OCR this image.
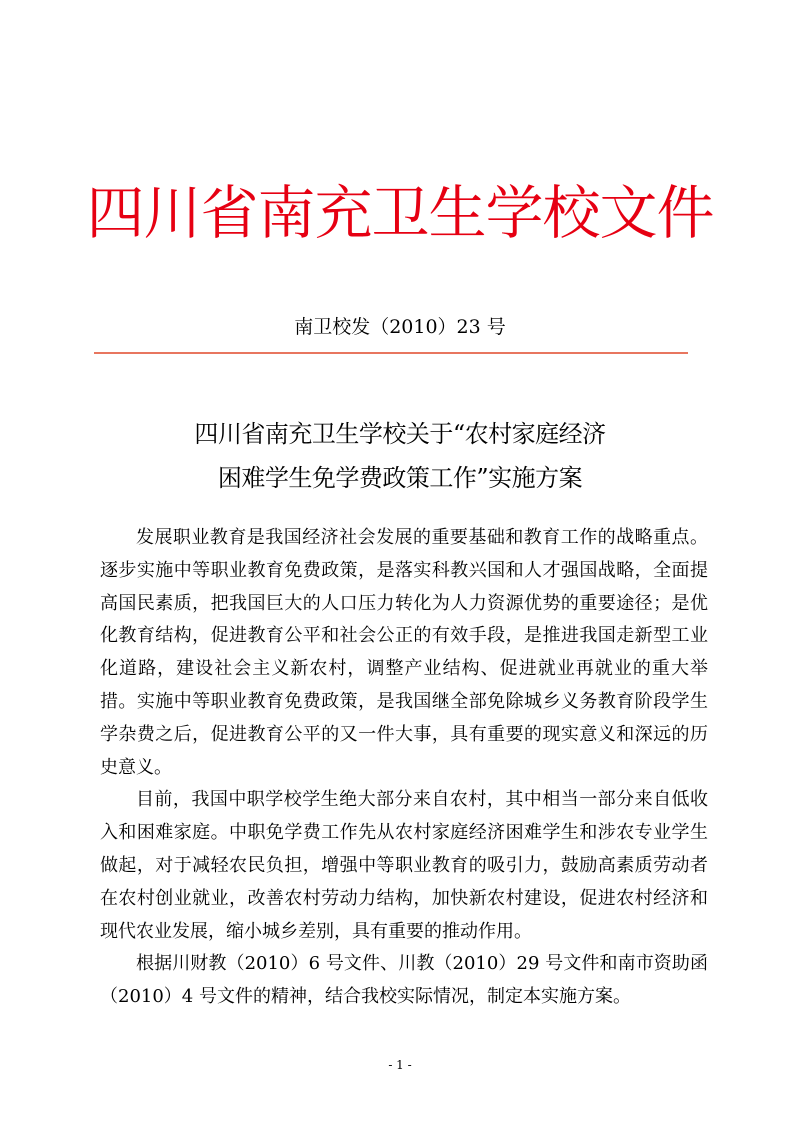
四川省南充卫生学校文件
南卫校发（2010）23 号
四川省南充卫生学校关于“农村家庭经济
困难学生免学费政策工作”实施方案

发展职业教育是我国经济社会发展的重要基础和教育工作的战略重点。逐步实施中等职业教育免费政策，是落实科教兴国和人才强国战略，全面提高国民素质，把我国巨大的人口压力转化为人力资源优势的重要途径；是优化教育结构，促进教育公平和社会公正的有效手段，是推进我国走新型工业化道路，建设社会主义新农村，调整产业结构、促进就业再就业的重大举措。实施中等职业教育免费政策，是我国继全部免除城乡义务教育阶段学生学杂费之后，促进教育公平的又一件大事，具有重要的现实意义和深远的历史意义。

目前，我国中职学校学生绝大部分来自农村，其中相当一部分来自低收入和困难家庭。中职免学费工作先从农村家庭经济困难学生和涉农专业学生做起，对于减轻农民负担，增强中等职业教育的吸引力，鼓励高素质劳动者在农村创业就业，改善农村劳动力结构，加快新农村建设，促进农村经济和现代农业发展，缩小城乡差别，具有重要的推动作用。

根据川财教（2010）6 号文件、川教（2010）29 号文件和南市资助函（2010）4 号文件的精神，结合我校实际情况，制定本实施方案。

- 1 -
